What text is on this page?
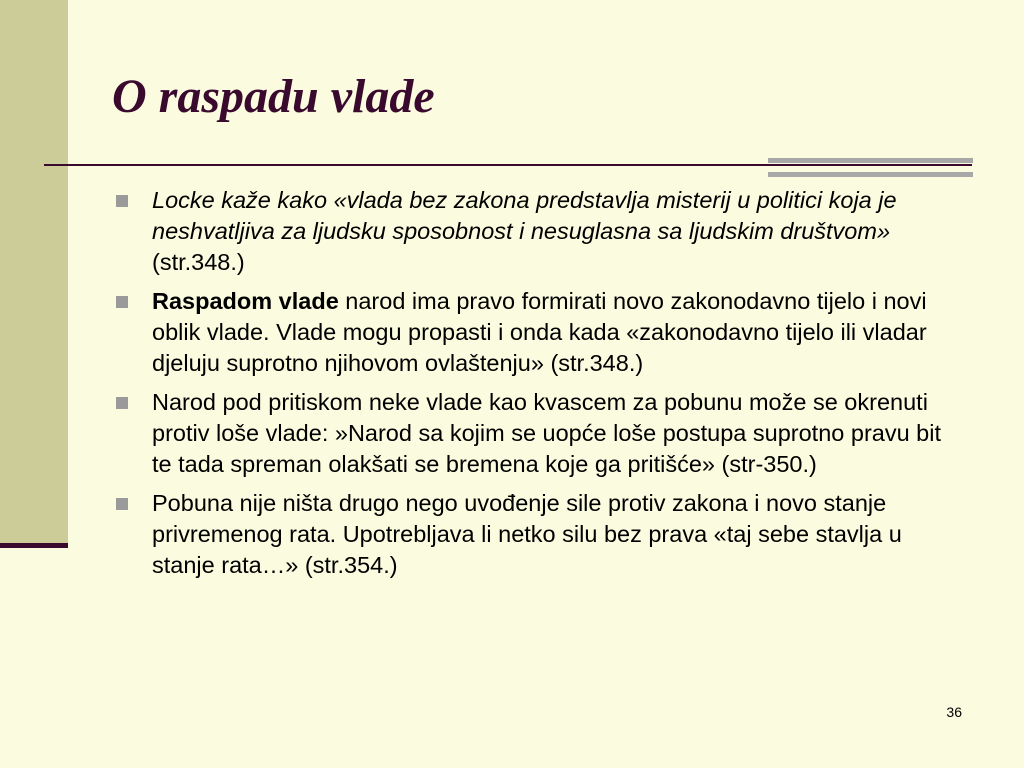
O raspadu vlade
Locke kaže kako «vlada bez zakona predstavlja misterij u politici koja je neshvatljiva za ljudsku sposobnost i nesuglasna sa ljudskim društvom» (str.348.)
Raspadom vlade narod ima pravo formirati novo zakonodavno tijelo i novi oblik vlade. Vlade mogu propasti i onda kada «zakonodavno tijelo ili vladar djeluju suprotno njihovom ovlaštenju» (str.348.)
Narod pod pritiskom neke vlade kao kvascem za pobunu može se okrenuti protiv loše vlade: »Narod sa kojim se uopće loše postupa suprotno pravu bit te tada spreman olakšati se bremena koje ga pritišće» (str-350.)
Pobuna nije ništa drugo nego uvođenje sile protiv zakona i novo stanje privremenog rata. Upotrebljava li netko silu bez prava «taj sebe stavlja u stanje rata…» (str.354.)
36
